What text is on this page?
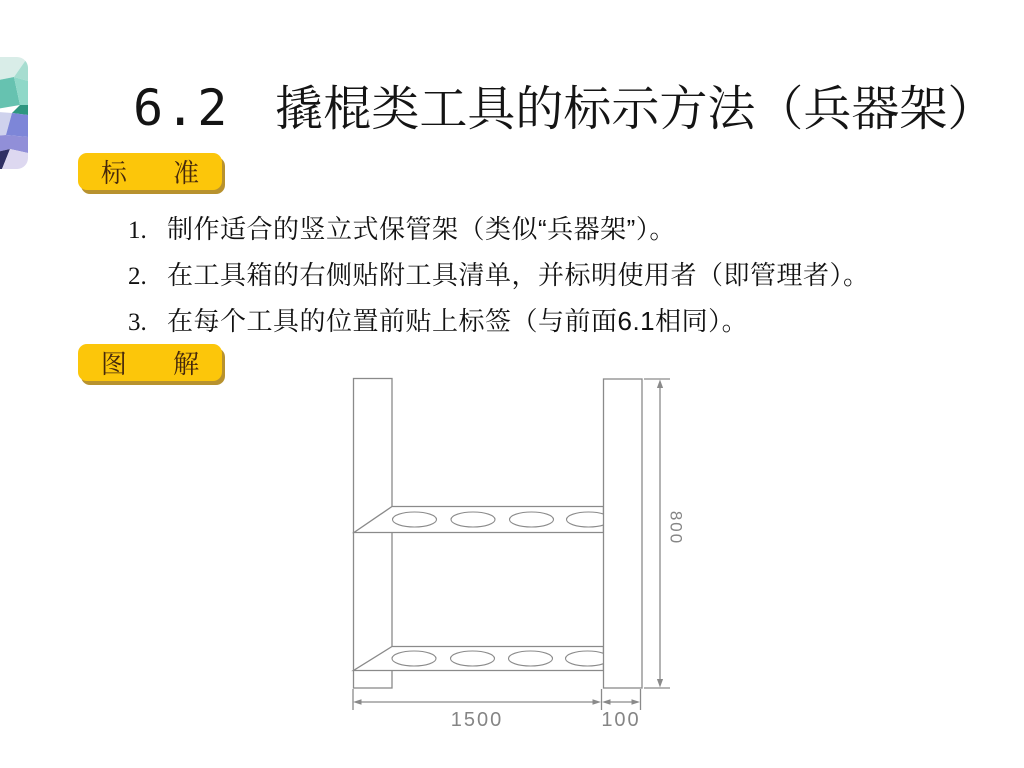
6.2 撬棍类工具的标示方法（兵器架）
标 准
1. 制作适合的竖立式保管架（类似“兵器架”）。
2. 在工具箱的右侧贴附工具清单，并标明使用者（即管理者）。
3. 在每个工具的位置前贴上标签（与前面6.1相同）。
图 解
800
1500	100
